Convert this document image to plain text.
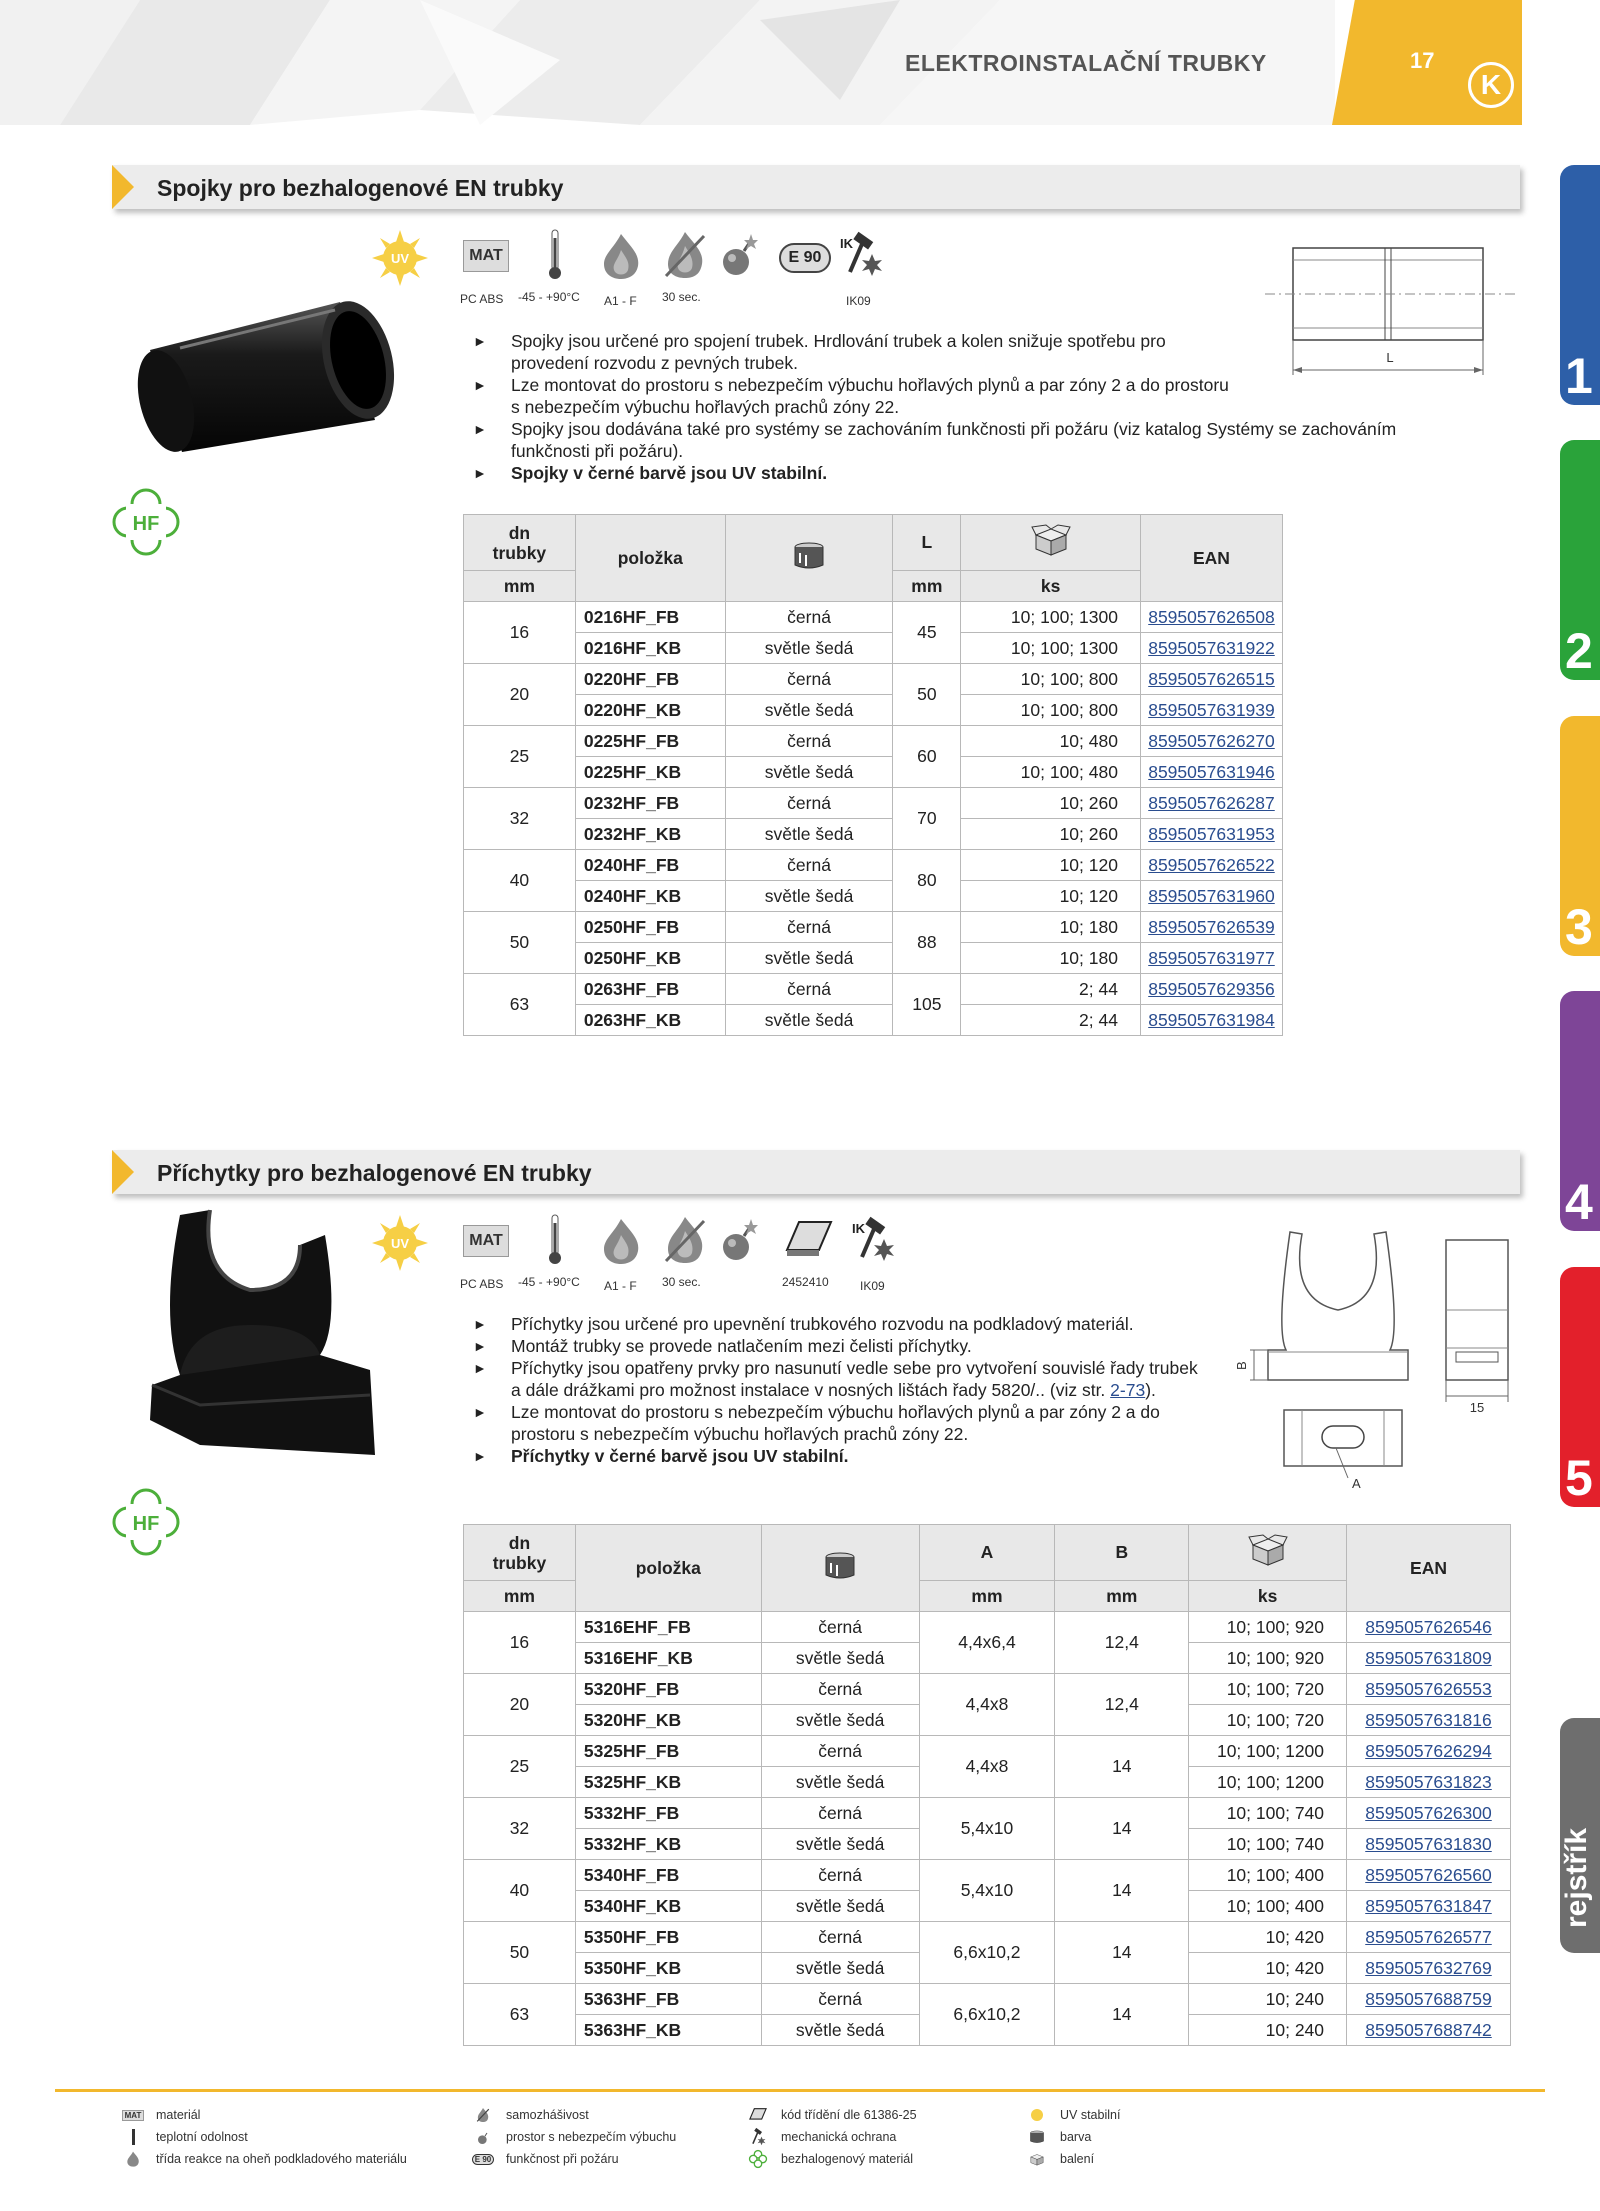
ELEKTROINSTALAČNÍ TRUBKY	17
K
1
2
3
4
5
rejstřík
Spojky pro bezhalogenové EN trubky
UV	MAT
PC ABS -45 - +90°C A1 - F 30 sec.
E 90
IK
IK09
HF
L
►	Spojky jsou určené pro spojení trubek. Hrdlování trubek a kolen snižuje spotřebu pro
provedení rozvodu z pevných trubek.
►	Lze montovat do prostoru s nebezpečím výbuchu hořlavých plynů a par zóny 2 a do prostoru
s nebezpečím výbuchu hořlavých prachů zóny 22.
►	Spojky jsou dodávána také pro systémy se zachováním funkčnosti při požáru (viz katalog Systémy se zachováním
funkčnosti při požáru).
►	Spojky v černé barvě jsou UV stabilní.
dn
trubky	položka		L		EAN
mm			mm	ks	
16	0216HF_FB	černá	45	10; 100; 1300	8595057626508
	0216HF_KB	světle šedá		10; 100; 1300	8595057631922
20	0220HF_FB	černá	50	10; 100; 800	8595057626515
	0220HF_KB	světle šedá		10; 100; 800	8595057631939
25	0225HF_FB	černá	60	10; 480	8595057626270
	0225HF_KB	světle šedá		10; 100; 480	8595057631946
32	0232HF_FB	černá	70	10; 260	8595057626287
	0232HF_KB	světle šedá		10; 260	8595057631953
40	0240HF_FB	černá	80	10; 120	8595057626522
	0240HF_KB	světle šedá		10; 120	8595057631960
50	0250HF_FB	černá	88	10; 180	8595057626539
	0250HF_KB	světle šedá		10; 180	8595057631977
63	0263HF_FB	černá	105	2; 44	8595057629356
	0263HF_KB	světle šedá		2; 44	8595057631984
Příchytky pro bezhalogenové EN trubky
UV	MAT
PC ABS -45 - +90°C A1 - F 30 sec.	2452410
IK
IK09
HF
B
15
A
►	Příchytky jsou určené pro upevnění trubkového rozvodu na podkladový materiál.
►	Montáž trubky se provede natlačením mezi čelisti příchytky.
►	Příchytky jsou opatřeny prvky pro nasunutí vedle sebe pro vytvoření souvislé řady trubek
a dále drážkami pro možnost instalace v nosných lištách řady 5820/.. (viz str. 2-73).
►	Lze montovat do prostoru s nebezpečím výbuchu hořlavých plynů a par zóny 2 a do
prostoru s nebezpečím výbuchu hořlavých prachů zóny 22.
►	Příchytky v černé barvě jsou UV stabilní.
dn
trubky	položka		A	B		EAN
mm			mm	mm	ks	
16	5316EHF_FB	černá	4,4x6,4	12,4	10; 100; 920	8595057626546
	5316EHF_KB	světle šedá			10; 100; 920	8595057631809
20	5320HF_FB	černá	4,4x8	12,4	10; 100; 720	8595057626553
	5320HF_KB	světle šedá			10; 100; 720	8595057631816
25	5325HF_FB	černá	4,4x8	14	10; 100; 1200	8595057626294
	5325HF_KB	světle šedá			10; 100; 1200	8595057631823
32	5332HF_FB	černá	5,4x10	14	10; 100; 740	8595057626300
	5332HF_KB	světle šedá			10; 100; 740	8595057631830
40	5340HF_FB	černá	5,4x10	14	10; 100; 400	8595057626560
	5340HF_KB	světle šedá			10; 100; 400	8595057631847
50	5350HF_FB	černá	6,6x10,2	14	10; 420	8595057626577
	5350HF_KB	světle šedá			10; 420	8595057632769
63	5363HF_FB	černá	6,6x10,2	14	10; 240	8595057688759
	5363HF_KB	světle šedá			10; 240	8595057688742
MAT materiál
teplotní odolnost
třída reakce na oheň podkladového materiálu
samozhášivost
prostor s nebezpečím výbuchu
E 90 funkčnost při požáru
kód třídění dle 61386-25
mechanická ochrana
bezhalogenový materiál
UV stabilní
barva
balení
